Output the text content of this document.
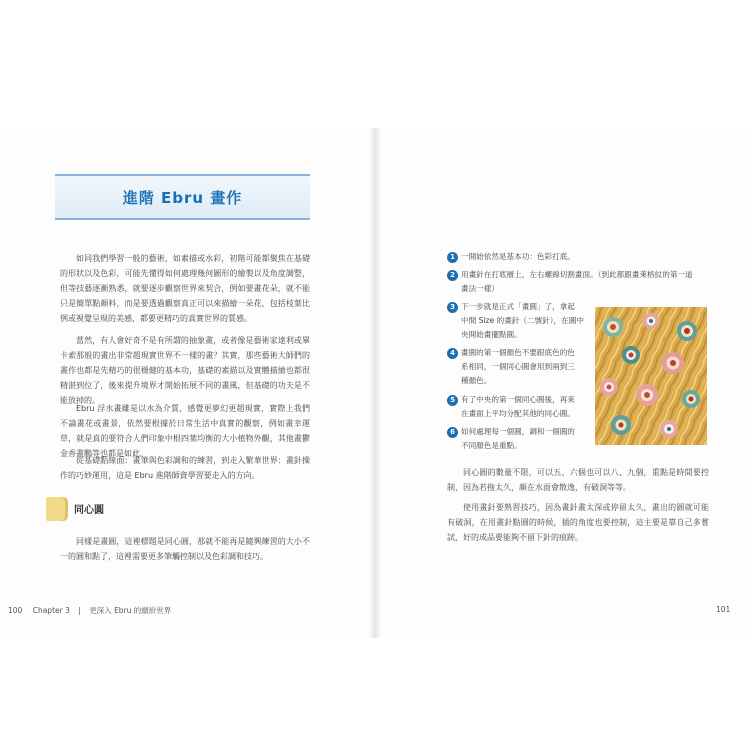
進階 Ebru 畫作

如同我們學習一般的藝術，如素描或水彩，初階可能都聚焦在基礎的形狀以及色彩，可能先懂得如何處理幾何圖形的繪製以及角度調整，但等技藝逐漸熟悉，就要逐步觀察世界來契合，例如要畫花朵，就不能只是簡單點顏料，而是要透過觀察真正可以來描繪一朵花，包括枝葉比例或視覺呈現的美感，都要更精巧的真實世界的質感。

當然，有人會好奇不是有所謂的抽象畫，或者像是藝術家達利或畢卡索那般的畫出非常超現實世界不一樣的畫？其實，那些藝術大師們的畫作也都是先精巧的很穩健的基本功，基礎的素描以及實體描繪也都很精湛到位了，後來提升境界才開始拓展不同的畫風，但基礎的功夫是不能放掉的。

Ebru 浮水畫雖是以水為介質，感覺更夢幻更超現實，實際上我們不論畫花或畫景，依然要根據於日常生活中真實的觀察，例如畫幸運草，就是真的要符合人們印象中根四葉均衡的大小植物外觀，其他畫鬱金香畫鵬等也都是如此。

從基礎點線面：畫筆與色彩調和的練習，到走入繁華世界：畫針操作的巧妙運用，這是 Ebru 進階師資學習要走入的方向。

同心圓

同樣是畫圓，這裡標題是同心圓，那就不能再是隨興練習的大小不一的圓和點了，這裡需要更多筆觸控制以及色彩調和技巧。

100 Chapter 3 | 更深入 Ebru 的繽紛世界
1 一開始依然是基本功：色彩打底。
2 用畫針在打底層上，左右螺線切割畫面。（到此都跟畫萊格紋的第一道
畫法一樣）
3 下一步就是正式「畫圓」了，拿起
中間 Size 的畫針（二號針），在圖中
央開始畫擺點圓。
4 畫圓的第一個顏色不要跟底色的色
系相同，一個同心圓會用到兩到三
種顏色。
5 有了中央的第一個同心圓後，再來
在畫面上平均分配其他的同心圓。
6 如何處理每一個圓，調和一個圓的
不同顏色是重點。

同心圓的數量不限，可以五、六個也可以八、九個，重點是時間要控制，因為若拖太久，顏在水面會散逸，有破洞等等。

使用畫針要熟習技巧，因為畫針畫太深或停留太久，畫出的圓就可能有破洞，在用畫針點圓的時候，插的角度也要控制，這主要是靠自己多嘗試，好的成品要能夠不留下針的痕跡。

101
